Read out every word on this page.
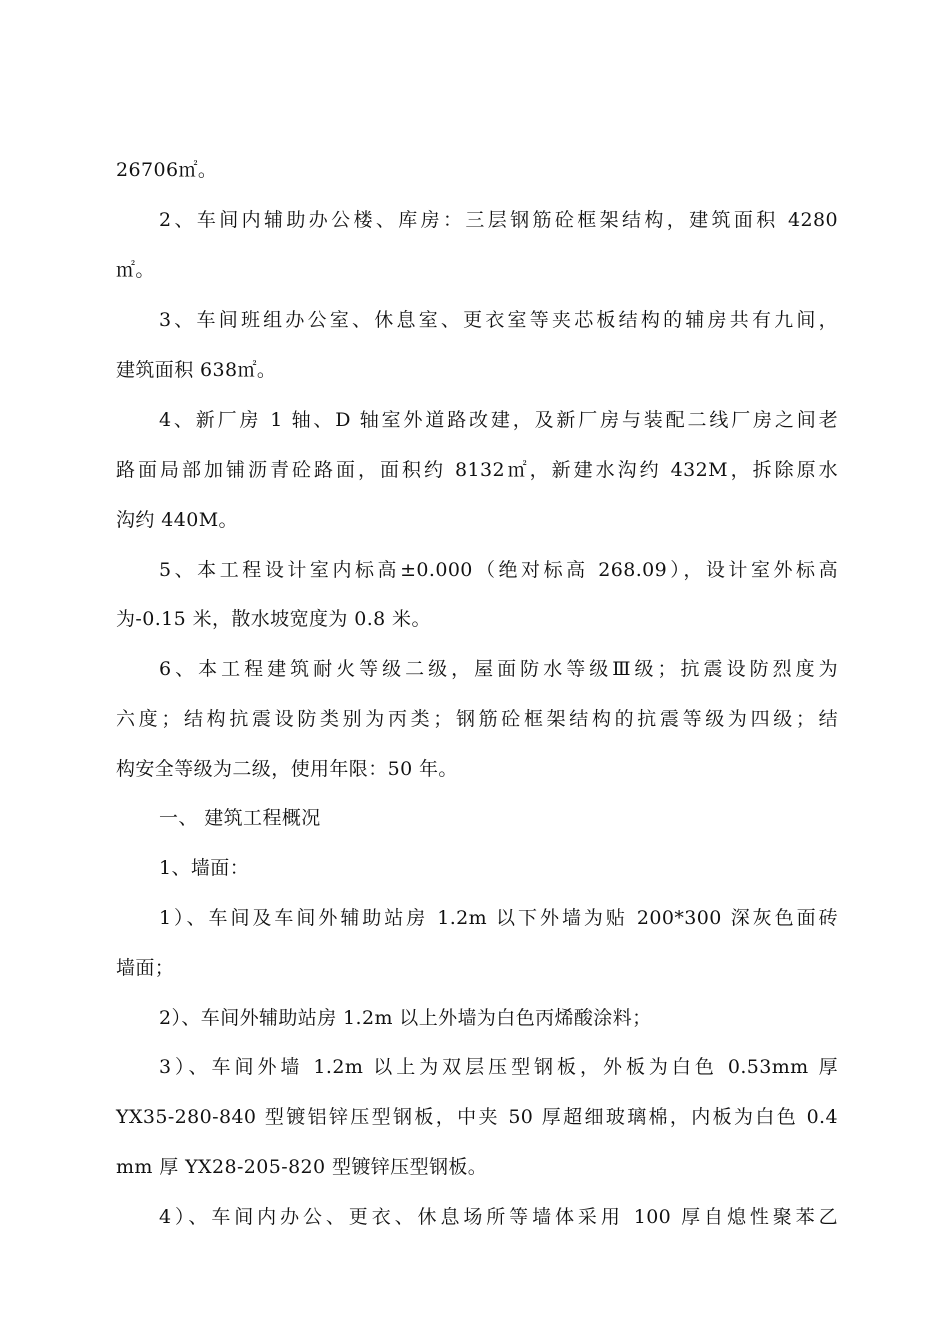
26706㎡。
2、车间内辅助办公楼、库房：三层钢筋砼框架结构，建筑面积 4280
㎡。
3、车间班组办公室、休息室、更衣室等夹芯板结构的辅房共有九间，
建筑面积 638㎡。
4、新厂房 1 轴、D 轴室外道路改建，及新厂房与装配二线厂房之间老
路面局部加铺沥青砼路面，面积约 8132㎡，新建水沟约 432M，拆除原水
沟约 440M。
5、本工程设计室内标高±0.000（绝对标高 268.09），设计室外标高
为-0.15 米，散水坡宽度为 0.8 米。
6、本工程建筑耐火等级二级，屋面防水等级Ⅲ级；抗震设防烈度为
六度；结构抗震设防类别为丙类；钢筋砼框架结构的抗震等级为四级；结
构安全等级为二级，使用年限：50 年。
一、 建筑工程概况
1、墙面：
1）、车间及车间外辅助站房 1.2m 以下外墙为贴 200*300 深灰色面砖
墙面；
2）、车间外辅助站房 1.2m 以上外墙为白色丙烯酸涂料；
3）、车间外墙 1.2m 以上为双层压型钢板，外板为白色 0.53mm 厚
YX35-280-840 型镀铝锌压型钢板，中夹 50 厚超细玻璃棉，内板为白色 0.4
mm 厚 YX28-205-820 型镀锌压型钢板。
4）、车间内办公、更衣、休息场所等墙体采用 100 厚自熄性聚苯乙
